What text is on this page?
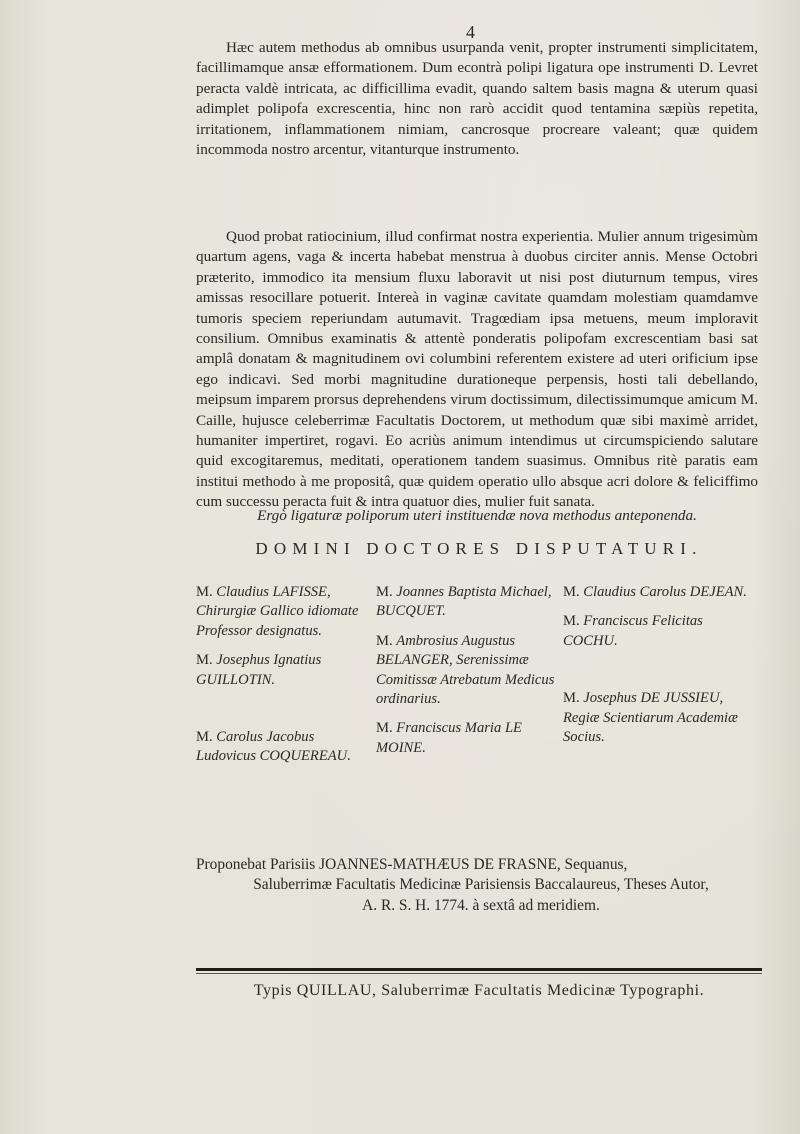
4

Hæc autem methodus ab omnibus usurpanda venit, propter instrumenti simplicitatem, facillimamque ansæ efformationem. Dum econtrà polipi ligatura ope instrumenti D. Levret peracta valdè intricata, ac difficillima evadit, quando saltem basis magna & uterum quasi adimplet polipofa excrescentia, hinc non rarò accidit quod tentamina sæpiùs repetita, irritationem, inflammationem nimiam, cancrosque procreare valeant; quæ quidem incommoda nostro arcentur, vitanturque instrumento.

Quod probat ratiocinium, illud confirmat nostra experientia. Mulier annum trigesimùm quartum agens, vaga & incerta habebat menstrua à duobus circiter annis. Mense Octobri præterito, immodico ita mensium fluxu laboravit ut nisi post diuturnum tempus, vires amissas resocillare potuerit. Intereà in vaginæ cavitate quamdam molestiam quamdamve tumoris speciem reperiundam autumavit. Tragœdiam ipsa metuens, meum imploravit consilium. Omnibus examinatis & attentè ponderatis polipofam excrescentiam basi sat amplâ donatam & magnitudinem ovi columbini referentem existere ad uteri orificium ipse ego indicavi. Sed morbi magnitudine durationeque perpensis, hosti tali debellando, meipsum imparem prorsus deprehendens virum doctissimum, dilectissimumque amicum M. Caille, hujusce celeberrimæ Facultatis Doctorem, ut methodum quæ sibi maximè arridet, humaniter impertiret, rogavi. Eo acriùs animum intendimus ut circumspiciendo salutare quid excogitaremus, meditati, operationem tandem suasimus. Omnibus ritè paratis eam institui methodo à me propositâ, quæ quidem operatio ullo absque acri dolore & feliciffimo cum successu peracta fuit & intra quatuor dies, mulier fuit sanata.

Ergò ligaturæ poliporum uteri instituendæ nova methodus anteponenda.
DOMINI DOCTORES DISPUTATURI.
M. Claudius LAFISSE, Chirurgiæ Gallico idiomate Professor designatus.
M. Josephus Ignatius GUILLOTIN.
M. Carolus Jacobus Ludovicus COQUEREAU.
M. Joannes Baptista Michael, BUCQUET.
M. Ambrosius Augustus BELANGER, Serenissimæ Comitissæ Atrebatum Medicus ordinarius.
M. Franciscus Maria LE MOINE.
M. Claudius Carolus DEJEAN.
M. Franciscus Felicitas COCHU.
M. Josephus DE JUSSIEU, Regiæ Scientiarum Academiæ Socius.
Proponebat Parisiis JOANNES-MATHÆUS DE FRASNE, Sequanus,
Saluberrimæ Facultatis Medicinæ Parisiensis Baccalaureus, Theses Autor,
A. R. S. H. 1774. à sextâ ad meridiem.
Typis QUILLAU, Saluberrimæ Facultatis Medicinæ Typographi.
